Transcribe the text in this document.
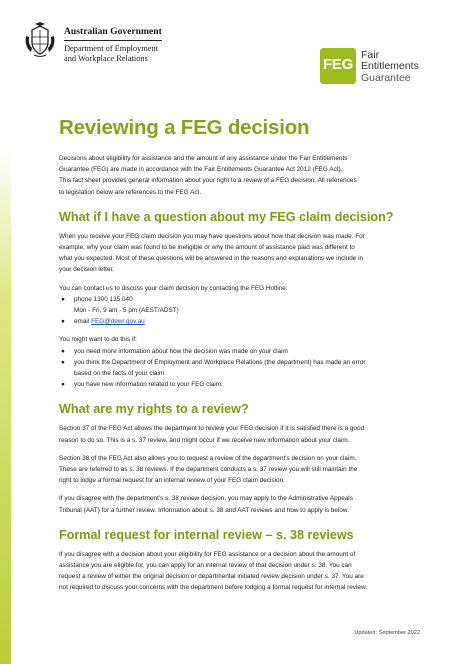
Australian Government
Department of Employment
and Workplace Relations	FEG
Fair
Entitlements
Guarantee
Reviewing a FEG decision

Decisions about eligibility for assistance and the amount of any assistance under the Fair Entitlements

Guarantee (FEG) are made in accordance with the Fair Entitlements Guarantee Act 2012 (FEG Act).

This fact sheet provides general information about your right to a review of a FEG decision. All references

to legislation below are references to the FEG Act.

What if I have a question about my FEG claim decision?

When you receive your FEG claim decision you may have questions about how that decision was made. For

example, why your claim was found to be ineligible or why the amount of assistance paid was different to

what you expected. Most of these questions will be answered in the reasons and explanations we include in

your decision letter.

You can contact us to discuss your claim decision by contacting the FEG Hotline:

● phone 1300 135 040
Mon - Fri, 9 am - 5 pm (AEST/ADST)
● email FEG@dewr.gov.au

You might want to do this if:

● you need more information about how the decision was made on your claim
● you think the Department of Employment and Workplace Relations (the department) has made an error
based on the facts of your claim
● you have new information related to your FEG claim.
What are my rights to a review?

Section 37 of the FEG Act allows the department to review your FEG decision if it is satisfied there is a good

reason to do so. This is a s. 37 review, and might occur if we receive new information about your claim.

Section 38 of the FEG Act also allows you to request a review of the department's decision on your claim.

These are referred to as s. 38 reviews. If the department conducts a s. 37 review you will still maintain the

right to lodge a formal request for an internal review of your FEG claim decision.

If you disagree with the department's s. 38 review decision, you may apply to the Administrative Appeals

Tribunal (AAT) for a further review. Information about s. 38 and AAT reviews and how to apply is below.

Formal request for internal review – s. 38 reviews

If you disagree with a decision about your eligibility for FEG assistance or a decision about the amount of

assistance you are eligible for, you can apply for an internal review of that decision under s. 38. You can

request a review of either the original decision or departmental initiated review decision under s. 37. You are

not required to discuss your concerns with the department before lodging a formal request for internal review.

Updated: September 2022
